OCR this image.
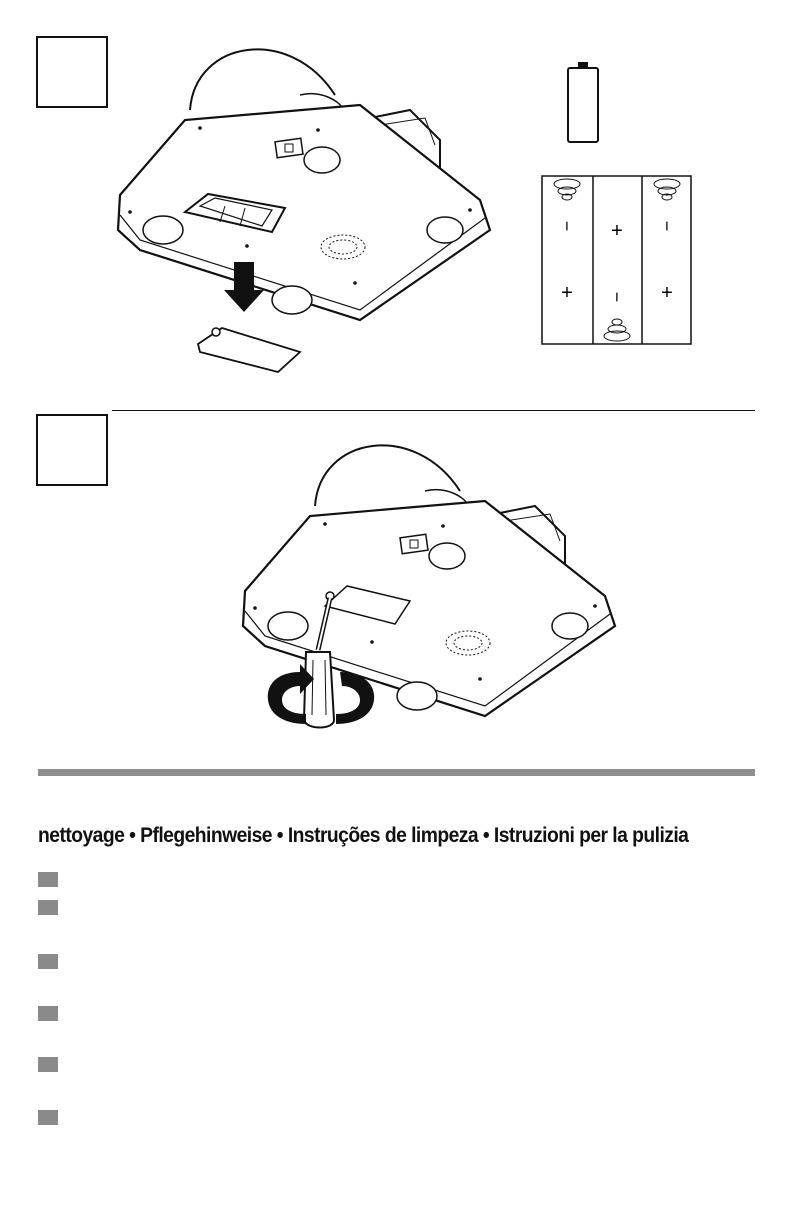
−	−
−
+	+
+
nettoyage • Pflegehinweise • Instruções de limpeza • Istruzioni per la pulizia
